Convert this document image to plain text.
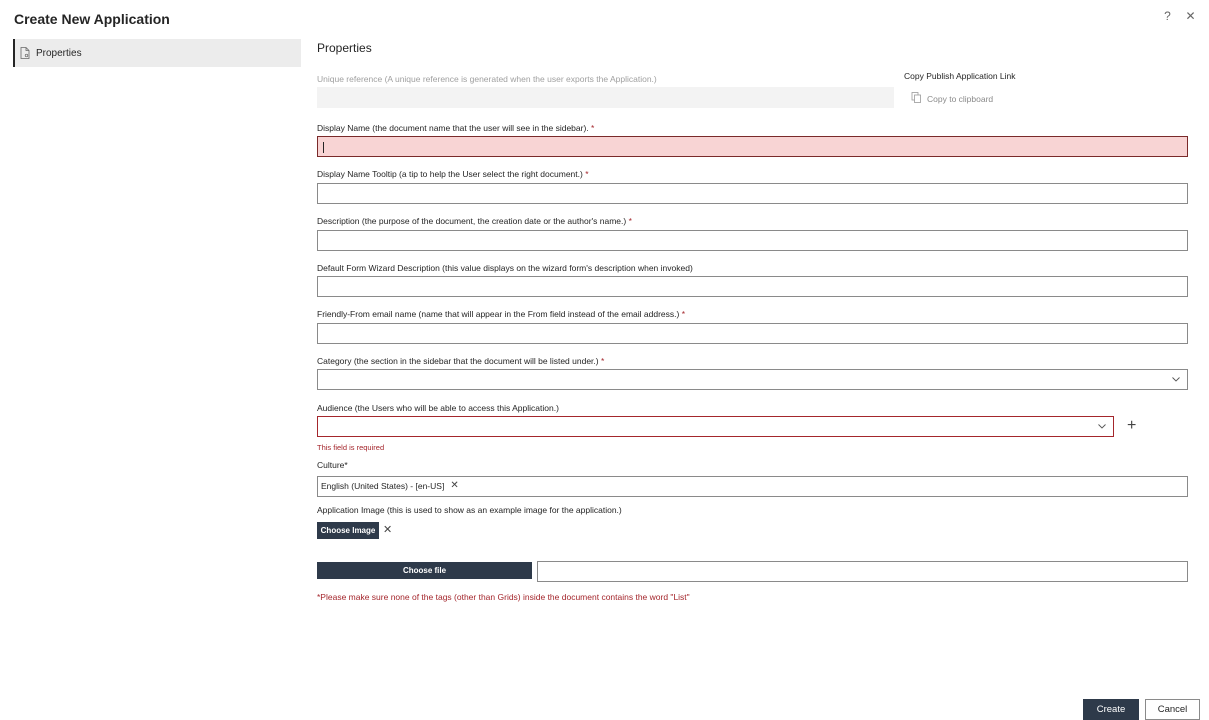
Create New Application	? ✕
Properties	Properties
Unique reference (A unique reference is generated when the user exports the Application.)	Copy Publish Application Link
Copy to clipboard
Display Name (the document name that the user will see in the sidebar). *
Display Name Tooltip (a tip to help the User select the right document.) *
Description (the purpose of the document, the creation date or the author's name.) *
Default Form Wizard Description (this value displays on the wizard form's description when invoked)
Friendly-From email name (name that will appear in the From field instead of the email address.) *
Category (the section in the sidebar that the document will be listed under.) *
Audience (the Users who will be able to access this Application.)
+
This field is required
Culture*
English (United States) - [en-US] ✕
Application Image (this is used to show as an example image for the application.)
Choose Image ✕
Choose file
*Please make sure none of the tags (other than Grids) inside the document contains the word "List"
Create	Cancel
